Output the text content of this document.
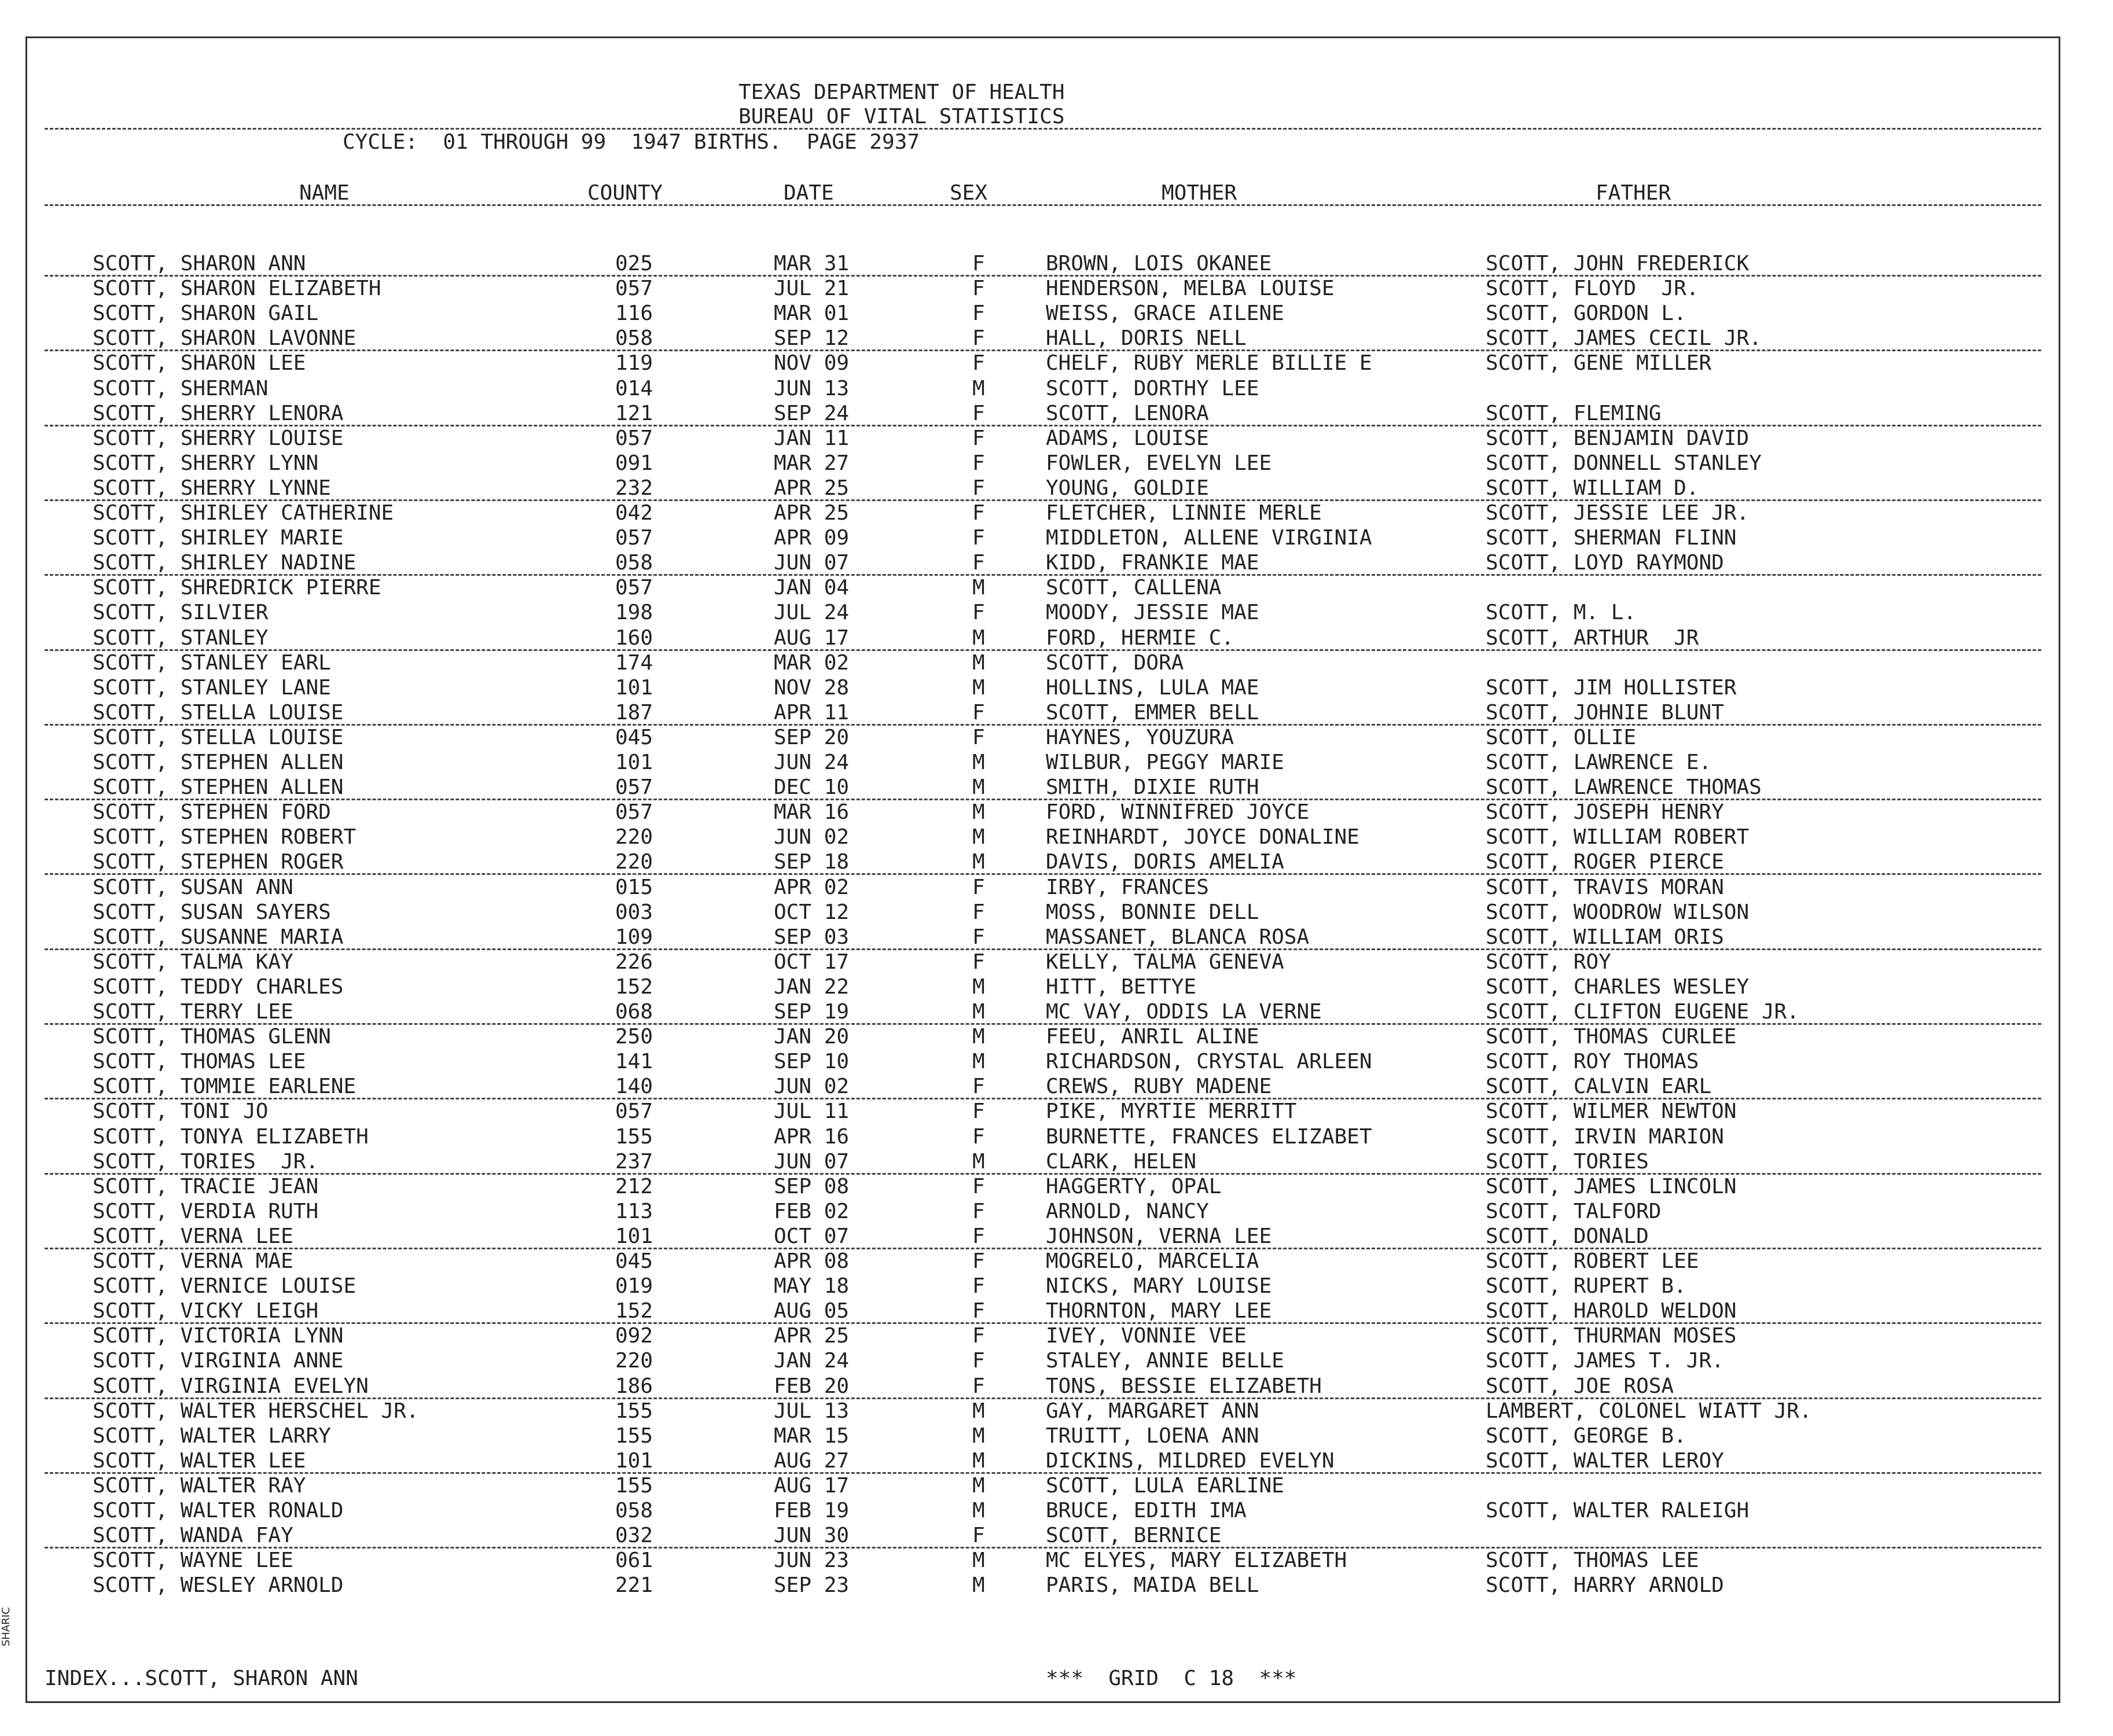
TEXAS DEPARTMENT OF HEALTH
BUREAU OF VITAL STATISTICS
CYCLE:  01 THROUGH 99  1947 BIRTHS.  PAGE 2937
NAME	COUNTY	DATE	SEX	MOTHER	FATHER
SCOTT, SHARON ANN	025	MAR 31	F	BROWN, LOIS OKANEE	SCOTT, JOHN FREDERICK
SCOTT, SHARON ELIZABETH	057	JUL 21	F	HENDERSON, MELBA LOUISE	SCOTT, FLOYD  JR.
SCOTT, SHARON GAIL	116	MAR 01	F	WEISS, GRACE AILENE	SCOTT, GORDON L.
SCOTT, SHARON LAVONNE	058	SEP 12	F	HALL, DORIS NELL	SCOTT, JAMES CECIL JR.
SCOTT, SHARON LEE	119	NOV 09	F	CHELF, RUBY MERLE BILLIE E	SCOTT, GENE MILLER
SCOTT, SHERMAN	014	JUN 13	M	SCOTT, DORTHY LEE
SCOTT, SHERRY LENORA	121	SEP 24	F	SCOTT, LENORA	SCOTT, FLEMING
SCOTT, SHERRY LOUISE	057	JAN 11	F	ADAMS, LOUISE	SCOTT, BENJAMIN DAVID
SCOTT, SHERRY LYNN	091	MAR 27	F	FOWLER, EVELYN LEE	SCOTT, DONNELL STANLEY
SCOTT, SHERRY LYNNE	232	APR 25	F	YOUNG, GOLDIE	SCOTT, WILLIAM D.
SCOTT, SHIRLEY CATHERINE	042	APR 25	F	FLETCHER, LINNIE MERLE	SCOTT, JESSIE LEE JR.
SCOTT, SHIRLEY MARIE	057	APR 09	F	MIDDLETON, ALLENE VIRGINIA	SCOTT, SHERMAN FLINN
SCOTT, SHIRLEY NADINE	058	JUN 07	F	KIDD, FRANKIE MAE	SCOTT, LOYD RAYMOND
SCOTT, SHREDRICK PIERRE	057	JAN 04	M	SCOTT, CALLENA
SCOTT, SILVIER	198	JUL 24	F	MOODY, JESSIE MAE	SCOTT, M. L.
SCOTT, STANLEY	160	AUG 17	M	FORD, HERMIE C.	SCOTT, ARTHUR  JR
SCOTT, STANLEY EARL	174	MAR 02	M	SCOTT, DORA
SCOTT, STANLEY LANE	101	NOV 28	M	HOLLINS, LULA MAE	SCOTT, JIM HOLLISTER
SCOTT, STELLA LOUISE	187	APR 11	F	SCOTT, EMMER BELL	SCOTT, JOHNIE BLUNT
SCOTT, STELLA LOUISE	045	SEP 20	F	HAYNES, YOUZURA	SCOTT, OLLIE
SCOTT, STEPHEN ALLEN	101	JUN 24	M	WILBUR, PEGGY MARIE	SCOTT, LAWRENCE E.
SCOTT, STEPHEN ALLEN	057	DEC 10	M	SMITH, DIXIE RUTH	SCOTT, LAWRENCE THOMAS
SCOTT, STEPHEN FORD	057	MAR 16	M	FORD, WINNIFRED JOYCE	SCOTT, JOSEPH HENRY
SCOTT, STEPHEN ROBERT	220	JUN 02	M	REINHARDT, JOYCE DONALINE	SCOTT, WILLIAM ROBERT
SCOTT, STEPHEN ROGER	220	SEP 18	M	DAVIS, DORIS AMELIA	SCOTT, ROGER PIERCE
SCOTT, SUSAN ANN	015	APR 02	F	IRBY, FRANCES	SCOTT, TRAVIS MORAN
SCOTT, SUSAN SAYERS	003	OCT 12	F	MOSS, BONNIE DELL	SCOTT, WOODROW WILSON
SCOTT, SUSANNE MARIA	109	SEP 03	F	MASSANET, BLANCA ROSA	SCOTT, WILLIAM ORIS
SCOTT, TALMA KAY	226	OCT 17	F	KELLY, TALMA GENEVA	SCOTT, ROY
SCOTT, TEDDY CHARLES	152	JAN 22	M	HITT, BETTYE	SCOTT, CHARLES WESLEY
SCOTT, TERRY LEE	068	SEP 19	M	MC VAY, ODDIS LA VERNE	SCOTT, CLIFTON EUGENE JR.
SCOTT, THOMAS GLENN	250	JAN 20	M	FEEU, ANRIL ALINE	SCOTT, THOMAS CURLEE
SCOTT, THOMAS LEE	141	SEP 10	M	RICHARDSON, CRYSTAL ARLEEN	SCOTT, ROY THOMAS
SCOTT, TOMMIE EARLENE	140	JUN 02	F	CREWS, RUBY MADENE	SCOTT, CALVIN EARL
SCOTT, TONI JO	057	JUL 11	F	PIKE, MYRTIE MERRITT	SCOTT, WILMER NEWTON
SCOTT, TONYA ELIZABETH	155	APR 16	F	BURNETTE, FRANCES ELIZABET	SCOTT, IRVIN MARION
SCOTT, TORIES  JR.	237	JUN 07	M	CLARK, HELEN	SCOTT, TORIES
SCOTT, TRACIE JEAN	212	SEP 08	F	HAGGERTY, OPAL	SCOTT, JAMES LINCOLN
SCOTT, VERDIA RUTH	113	FEB 02	F	ARNOLD, NANCY	SCOTT, TALFORD
SCOTT, VERNA LEE	101	OCT 07	F	JOHNSON, VERNA LEE	SCOTT, DONALD
SCOTT, VERNA MAE	045	APR 08	F	MOGRELO, MARCELIA	SCOTT, ROBERT LEE
SCOTT, VERNICE LOUISE	019	MAY 18	F	NICKS, MARY LOUISE	SCOTT, RUPERT B.
SCOTT, VICKY LEIGH	152	AUG 05	F	THORNTON, MARY LEE	SCOTT, HAROLD WELDON
SCOTT, VICTORIA LYNN	092	APR 25	F	IVEY, VONNIE VEE	SCOTT, THURMAN MOSES
SCOTT, VIRGINIA ANNE	220	JAN 24	F	STALEY, ANNIE BELLE	SCOTT, JAMES T. JR.
SCOTT, VIRGINIA EVELYN	186	FEB 20	F	TONS, BESSIE ELIZABETH	SCOTT, JOE ROSA
SCOTT, WALTER HERSCHEL JR.	155	JUL 13	M	GAY, MARGARET ANN	LAMBERT, COLONEL WIATT JR.
SCOTT, WALTER LARRY	155	MAR 15	M	TRUITT, LOENA ANN	SCOTT, GEORGE B.
SCOTT, WALTER LEE	101	AUG 27	M	DICKINS, MILDRED EVELYN	SCOTT, WALTER LEROY
SCOTT, WALTER RAY	155	AUG 17	M	SCOTT, LULA EARLINE
SCOTT, WALTER RONALD	058	FEB 19	M	BRUCE, EDITH IMA	SCOTT, WALTER RALEIGH
SCOTT, WANDA FAY	032	JUN 30	F	SCOTT, BERNICE
SCOTT, WAYNE LEE	061	JUN 23	M	MC ELYES, MARY ELIZABETH	SCOTT, THOMAS LEE
SCOTT, WESLEY ARNOLD	221	SEP 23	M	PARIS, MAIDA BELL	SCOTT, HARRY ARNOLD
INDEX...SCOTT, SHARON ANN	***  GRID  C 18  ***
SHARIC
